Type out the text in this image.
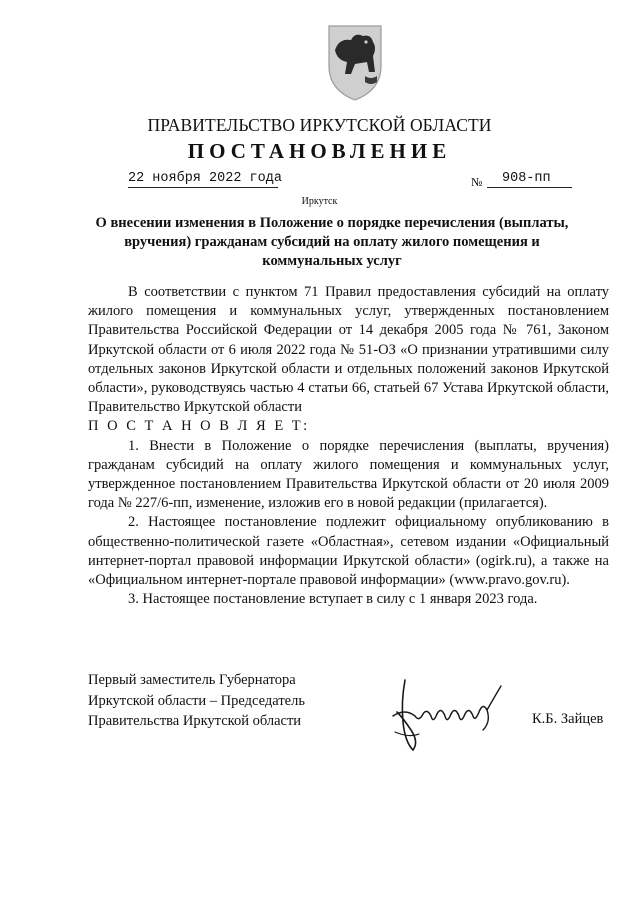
ПРАВИТЕЛЬСТВО ИРКУТСКОЙ ОБЛАСТИ
ПОСТАНОВЛЕНИЕ
22 ноября 2022 года	№	908-пп
Иркутск
О внесении изменения в Положение о порядке перечисления (выплаты, вручения) гражданам субсидий на оплату жилого помещения и коммунальных услуг

В соответствии с пунктом 71 Правил предоставления субсидий на оплату жилого помещения и коммунальных услуг, утвержденных постановлением Правительства Российской Федерации от 14 декабря 2005 года № 761, Законом Иркутской области от 6 июля 2022 года № 51-ОЗ «О признании утратившими силу отдельных законов Иркутской области и отдельных положений законов Иркутской области», руководствуясь частью 4 статьи 66, статьей 67 Устава Иркутской области, Правительство Иркутской области

П О С Т А Н О В Л Я Е Т:

1. Внести в Положение о порядке перечисления (выплаты, вручения) гражданам субсидий на оплату жилого помещения и коммунальных услуг, утвержденное постановлением Правительства Иркутской области от 20 июля 2009 года № 227/6-пп, изменение, изложив его в новой редакции (прилагается).

2. Настоящее постановление подлежит официальному опубликованию в общественно-политической газете «Областная», сетевом издании «Официальный интернет-портал правовой информации Иркутской области» (ogirk.ru), а также на «Официальном интернет-портале правовой информации» (www.pravo.gov.ru).

3. Настоящее постановление вступает в силу с 1 января 2023 года.

Первый заместитель Губернатора
Иркутской области – Председатель
Правительства Иркутской области	К.Б. Зайцев
